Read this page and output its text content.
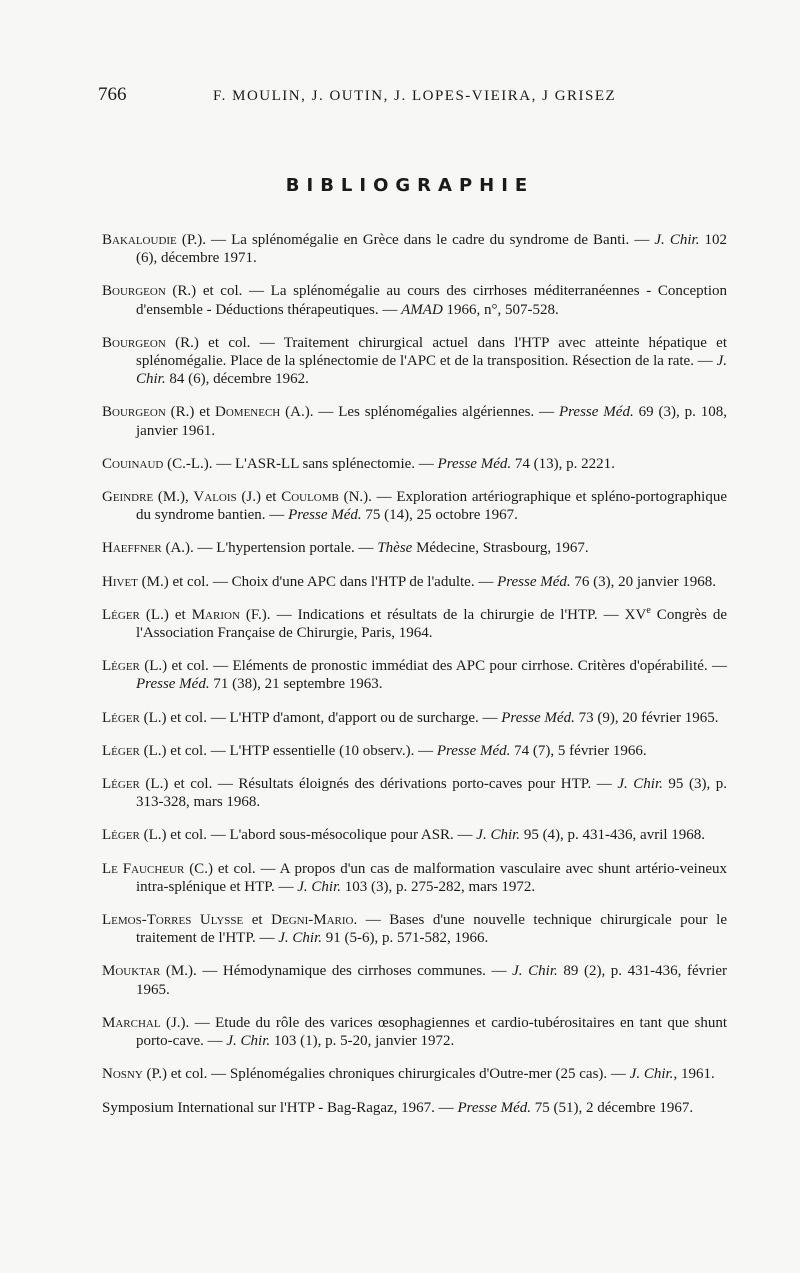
766	F. MOULIN, J. OUTIN, J. LOPES-VIEIRA, J GRISEZ
BIBLIOGRAPHIE

Bakaloudie (P.). — La splénomégalie en Grèce dans le cadre du syndrome de Banti. — J. Chir. 102 (6), décembre 1971.

Bourgeon (R.) et col. — La splénomégalie au cours des cirrhoses méditerranéennes - Conception d'ensemble - Déductions thérapeutiques. — AMAD 1966, n°, 507-528.

Bourgeon (R.) et col. — Traitement chirurgical actuel dans l'HTP avec atteinte hépatique et splénomégalie. Place de la splénectomie de l'APC et de la transposition. Résection de la rate. — J. Chir. 84 (6), décembre 1962.

Bourgeon (R.) et Domenech (A.). — Les splénomégalies algériennes. — Presse Méd. 69 (3), p. 108, janvier 1961.

Couinaud (C.-L.). — L'ASR-LL sans splénectomie. — Presse Méd. 74 (13), p. 2221.

Geindre (M.), Valois (J.) et Coulomb (N.). — Exploration artériographique et spléno-portographique du syndrome bantien. — Presse Méd. 75 (14), 25 octobre 1967.

Haeffner (A.). — L'hypertension portale. — Thèse Médecine, Strasbourg, 1967.

Hivet (M.) et col. — Choix d'une APC dans l'HTP de l'adulte. — Presse Méd. 76 (3), 20 janvier 1968.

Léger (L.) et Marion (F.). — Indications et résultats de la chirurgie de l'HTP. — XVe Congrès de l'Association Française de Chirurgie, Paris, 1964.

Léger (L.) et col. — Eléments de pronostic immédiat des APC pour cirrhose. Critères d'opérabilité. — Presse Méd. 71 (38), 21 septembre 1963.

Léger (L.) et col. — L'HTP d'amont, d'apport ou de surcharge. — Presse Méd. 73 (9), 20 février 1965.

Léger (L.) et col. — L'HTP essentielle (10 observ.). — Presse Méd. 74 (7), 5 février 1966.

Léger (L.) et col. — Résultats éloignés des dérivations porto-caves pour HTP. — J. Chir. 95 (3), p. 313-328, mars 1968.

Léger (L.) et col. — L'abord sous-mésocolique pour ASR. — J. Chir. 95 (4), p. 431-436, avril 1968.

Le Faucheur (C.) et col. — A propos d'un cas de malformation vasculaire avec shunt artério-veineux intra-splénique et HTP. — J. Chir. 103 (3), p. 275-282, mars 1972.

Lemos-Torres Ulysse et Degni-Mario. — Bases d'une nouvelle technique chirurgicale pour le traitement de l'HTP. — J. Chir. 91 (5-6), p. 571-582, 1966.

Mouktar (M.). — Hémodynamique des cirrhoses communes. — J. Chir. 89 (2), p. 431-436, février 1965.

Marchal (J.). — Etude du rôle des varices œsophagiennes et cardio-tubérositaires en tant que shunt porto-cave. — J. Chir. 103 (1), p. 5-20, janvier 1972.

Nosny (P.) et col. — Splénomégalies chroniques chirurgicales d'Outre-mer (25 cas). — J. Chir., 1961.

Symposium International sur l'HTP - Bag-Ragaz, 1967. — Presse Méd. 75 (51), 2 décembre 1967.
